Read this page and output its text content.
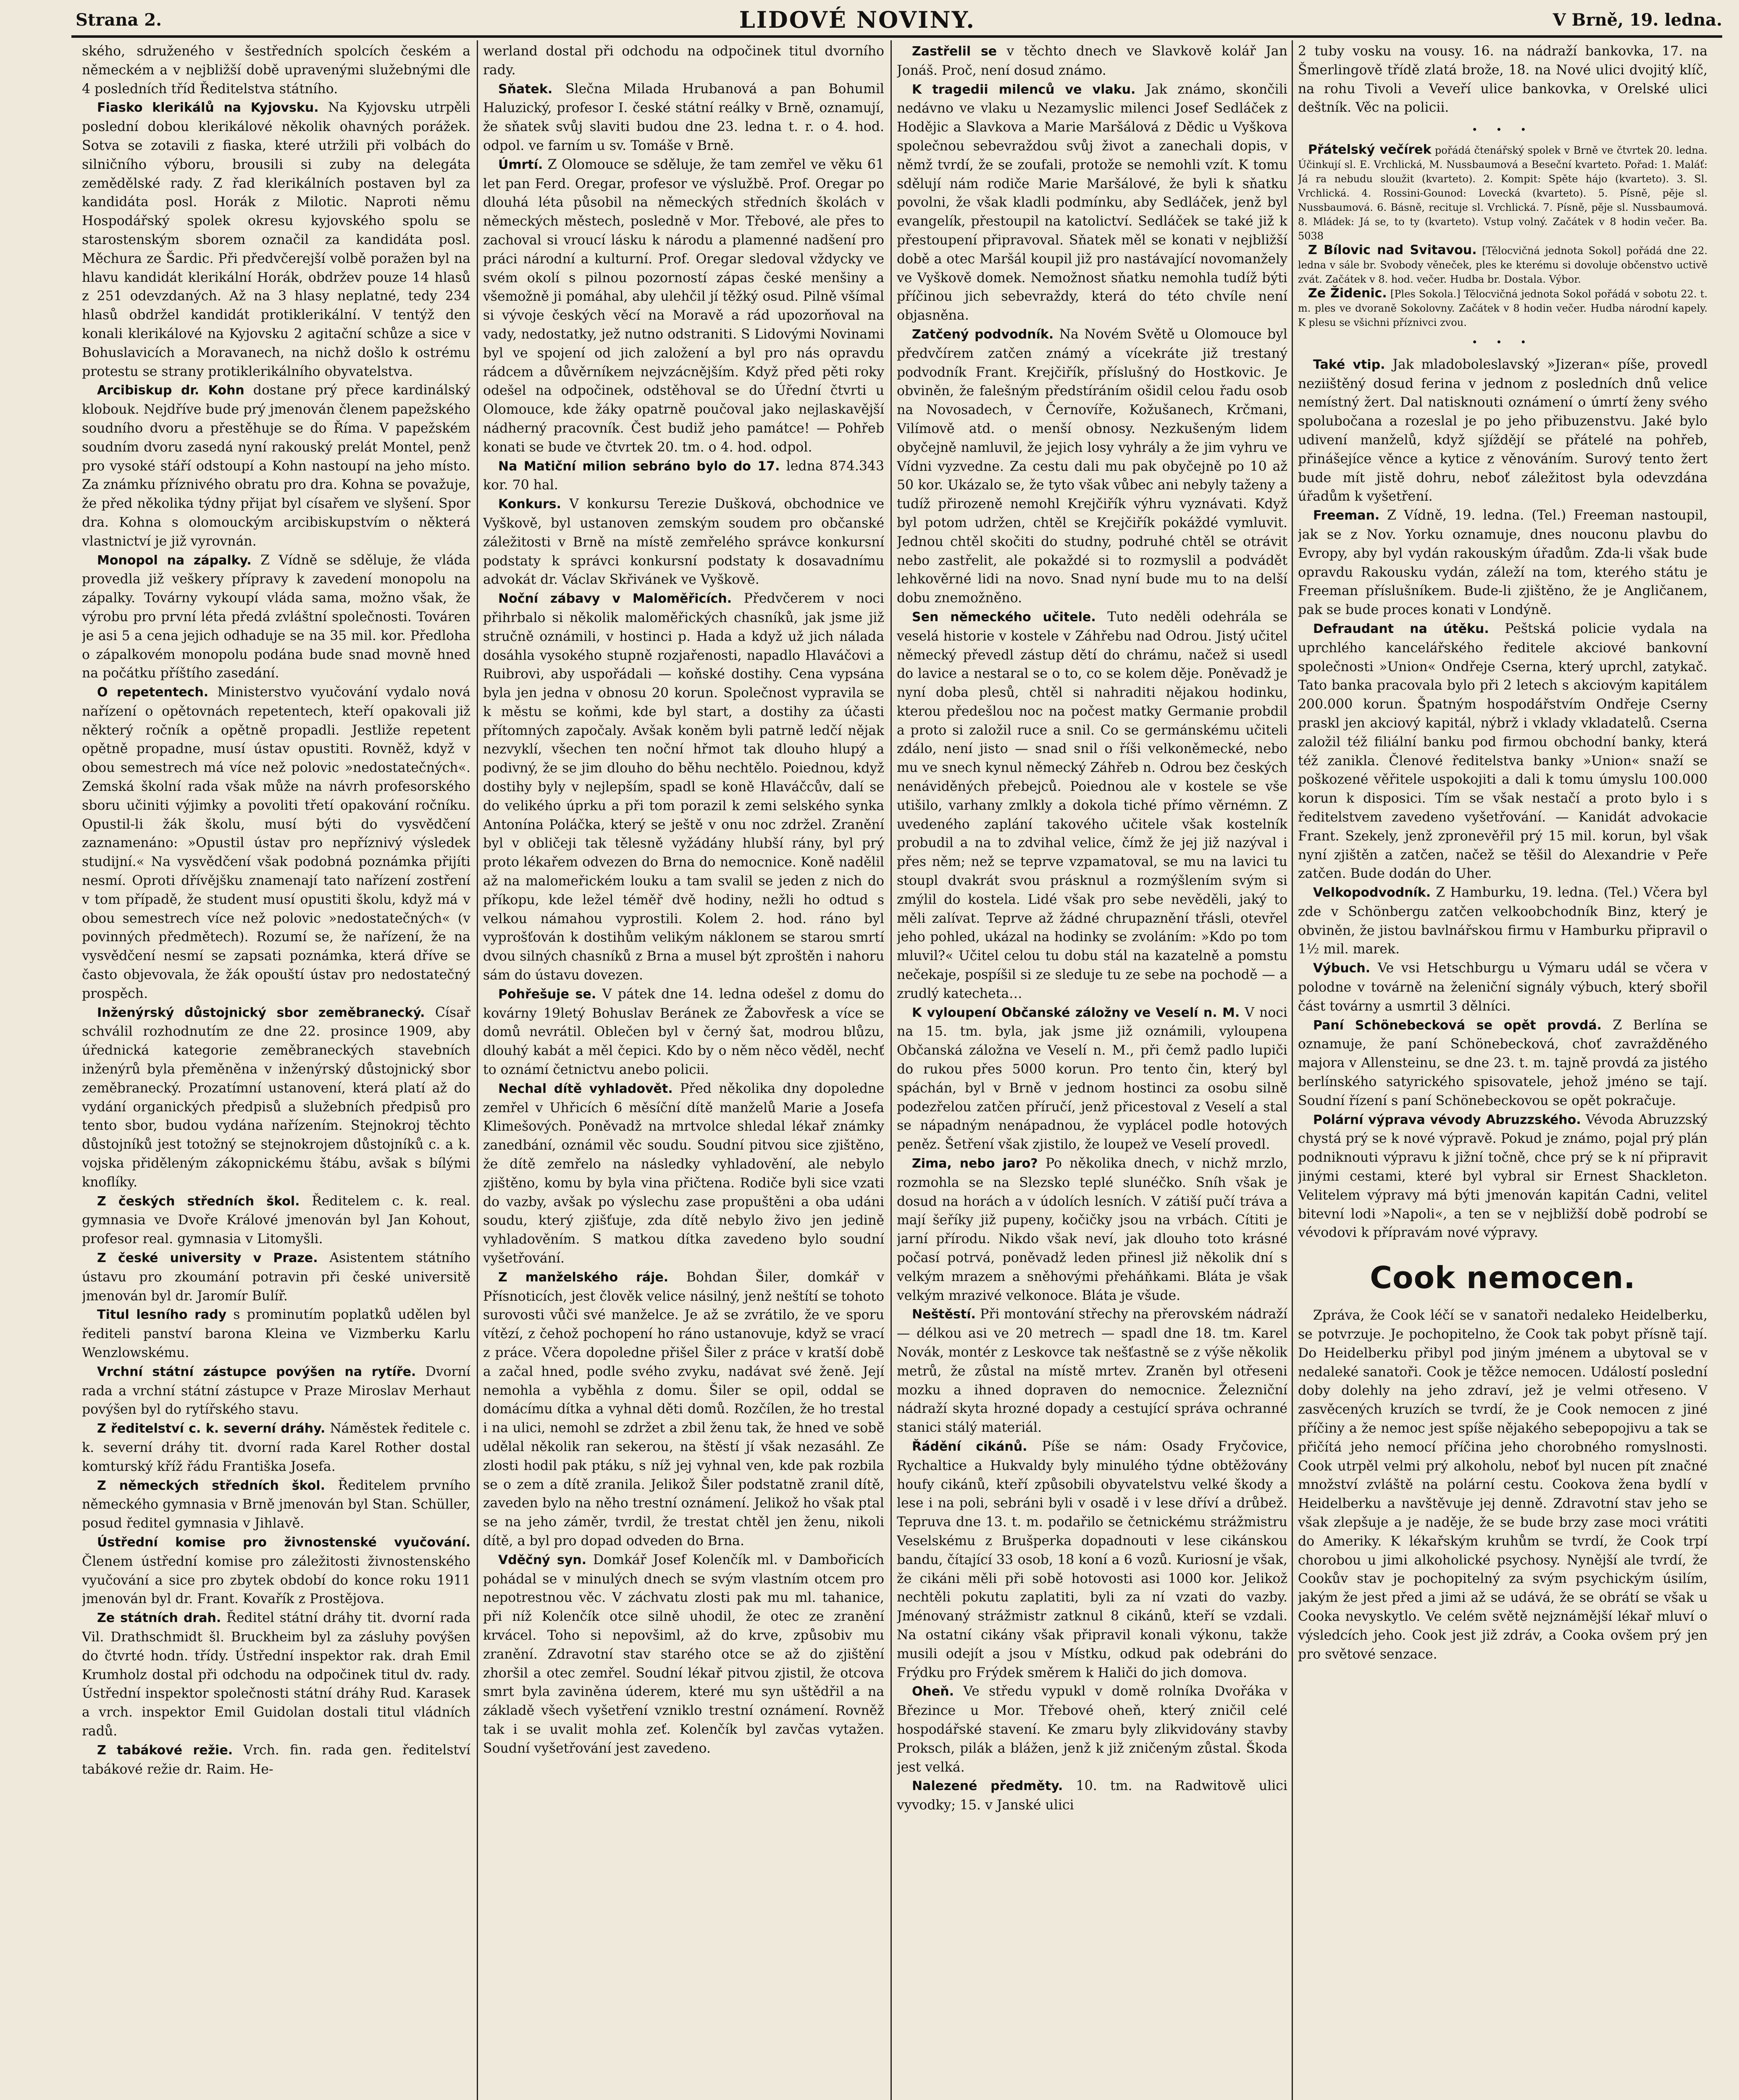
Strana 2.	LIDOVÉ NOVINY.	V Brně, 19. ledna.

ského, sdruženého v šestředních spolcích českém a německém a v nejbližší době upravenými služebnými dle 4 posledních tříd Ředitelstva státního.

Fiasko klerikálů na Kyjovsku. Na Kyjovsku utrpěli poslední dobou klerikálové několik ohavných porážek. Sotva se zotavili z fiaska, které utržili při volbách do silničního výboru, brousili si zuby na delegáta zemědělské rady. Z řad klerikálních postaven byl za kandidáta posl. Horák z Milotic. Naproti němu Hospodářský spolek okresu kyjovského spolu se starostenským sborem označil za kandidáta posl. Měchura ze Šardic. Při předvčerejší volbě poražen byl na hlavu kandidát klerikální Horák, obdržev pouze 14 hlasů z 251 odevzdaných. Až na 3 hlasy neplatné, tedy 234 hlasů obdržel kandidát protiklerikální. V tentýž den konali klerikálové na Kyjovsku 2 agitační schůze a sice v Bohuslavicích a Moravanech, na nichž došlo k ostrému protestu se strany protiklerikálního obyvatelstva.

Arcibiskup dr. Kohn dostane prý přece kardinálský klobouk. Nejdříve bude prý jmenován členem papežského soudního dvoru a přestěhuje se do Říma. V papežském soudním dvoru zasedá nyní rakouský prelát Montel, penž pro vysoké stáří odstoupí a Kohn nastoupí na jeho místo. Za známku příznivého obratu pro dra. Kohna se považuje, že před několika týdny přijat byl císařem ve slyšení. Spor dra. Kohna s olomouckým arcibiskupstvím o některá vlastnictví je již vyrovnán.

Monopol na zápalky. Z Vídně se sděluje, že vláda provedla již veškery přípravy k zavedení monopolu na zápalky. Továrny vykoupí vláda sama, možno však, že výrobu pro první léta předá zvláštní společnosti. Továren je asi 5 a cena jejich odhaduje se na 35 mil. kor. Předloha o zápalkovém monopolu podána bude snad movně hned na počátku příštího zasedání.

O repetentech. Ministerstvo vyučování vydalo nová nařízení o opětovnách repetentech, kteří opakovali již některý ročník a opětně propadli. Jestliže repetent opětně propadne, musí ústav opustiti. Rovněž, když v obou semestrech má více než polovic »nedostatečných«. Zemská školní rada však může na návrh profesorského sboru učiniti výjimky a povoliti třetí opakování ročníku. Opustil-li žák školu, musí býti do vysvědčení zaznamenáno: »Opustil ústav pro nepříznivý výsledek studijní.« Na vysvědčení však podobná poznámka přijíti nesmí. Oproti dřívějšku znamenají tato nařízení zostření v tom případě, že student musí opustiti školu, když má v obou semestrech více než polovic »nedostatečných« (v povinných předmětech). Rozumí se, že nařízení, že na vysvědčení nesmí se zapsati poznámka, která dříve se často objevovala, že žák opouští ústav pro nedostatečný prospěch.

Inženýrský důstojnický sbor zeměbranecký. Císař schválil rozhodnutím ze dne 22. prosince 1909, aby úřednická kategorie zeměbraneckých stavebních inženýrů byla přeměněna v inženýrský důstojnický sbor zeměbranecký. Prozatímní ustanovení, která platí až do vydání organických předpisů a služebních předpisů pro tento sbor, budou vydána nařízením. Stejnokroj těchto důstojníků jest totožný se stejnokrojem důstojníků c. a k. vojska přiděleným zákopnickému štábu, avšak s bílými knoflíky.

Z českých středních škol. Ředitelem c. k. real. gymnasia ve Dvoře Králové jmenován byl Jan Kohout, profesor real. gymnasia v Litomyšli.

Z české university v Praze. Asistentem státního ústavu pro zkoumání potravin při české universitě jmenován byl dr. Jaromír Bulíř.

Titul lesního rady s prominutím poplatků udělen byl řediteli panství barona Kleina ve Vizmberku Karlu Wenzlowskému.

Vrchní státní zástupce povýšen na rytíře. Dvorní rada a vrchní státní zástupce v Praze Miroslav Merhaut povýšen byl do rytířského stavu.

Z ředitelství c. k. severní dráhy. Náměstek ředitele c. k. severní dráhy tit. dvorní rada Karel Rother dostal komturský kříž řádu Františka Josefa.

Z německých středních škol. Ředitelem prvního německého gymnasia v Brně jmenován byl Stan. Schüller, posud ředitel gymnasia v Jihlavě.

Ústřední komise pro živnostenské vyučování. Členem ústřední komise pro záležitosti živnostenského vyučování a sice pro zbytek období do konce roku 1911 jmenován byl dr. Frant. Kovařík z Prostějova.

Ze státních drah. Ředitel státní dráhy tit. dvorní rada Vil. Drathschmidt šl. Bruckheim byl za zásluhy povýšen do čtvrté hodn. třídy. Ústřední inspektor rak. drah Emil Krumholz dostal při odchodu na odpočinek titul dv. rady. Ústřední inspektor společnosti státní dráhy Rud. Karasek a vrch. inspektor Emil Guidolan dostali titul vládních radů.

Z tabákové režie. Vrch. fin. rada gen. ředitelství tabákové režie dr. Raim. He-

werland dostal při odchodu na odpočinek titul dvorního rady.

Sňatek. Slečna Milada Hrubanová a pan Bohumil Haluzický, profesor I. české státní reálky v Brně, oznamují, že sňatek svůj slaviti budou dne 23. ledna t. r. o 4. hod. odpol. ve farním u sv. Tomáše v Brně.

Úmrtí. Z Olomouce se sděluje, že tam zemřel ve věku 61 let pan Ferd. Oregar, profesor ve výslužbě. Prof. Oregar po dlouhá léta působil na německých středních školách v německých městech, posledně v Mor. Třebové, ale přes to zachoval si vroucí lásku k národu a plamenné nadšení pro práci národní a kulturní. Prof. Oregar sledoval vždycky ve svém okolí s pilnou pozorností zápas české menšiny a všemožně ji pomáhal, aby ulehčil jí těžký osud. Pilně všímal si vývoje českých věcí na Moravě a rád upozorňoval na vady, nedostatky, jež nutno odstraniti. S Lidovými Novinami byl ve spojení od jich založení a byl pro nás opravdu rádcem a důvěrníkem nejvzácnějším. Když před pěti roky odešel na odpočinek, odstěhoval se do Úřední čtvrti u Olomouce, kde žáky opatrně poučoval jako nejlaskavější nádherný pracovník. Čest budiž jeho památce! — Pohřeb konati se bude ve čtvrtek 20. tm. o 4. hod. odpol.

Na Matiční milion sebráno bylo do 17. ledna 874.343 kor. 70 hal.

Konkurs. V konkursu Terezie Dušková, obchodnice ve Vyškově, byl ustanoven zemským soudem pro občanské záležitosti v Brně na místě zemřelého správce konkursní podstaty k správci konkursní podstaty k dosavadnímu advokát dr. Václav Skřivánek ve Vyškově.

Noční zábavy v Maloměřicích. Předvčerem v noci přihrbalo si několik maloměřických chasníků, jak jsme již stručně oznámili, v hostinci p. Hada a když už jich nálada dosáhla vysokého stupně rozjařenosti, napadlo Hlaváčovi a Ruibrovi, aby uspořádali — koňské dostihy. Cena vypsána byla jen jedna v obnosu 20 korun. Společnost vypravila se k městu se koňmi, kde byl start, a dostihy za účasti přítomných započaly. Avšak koněm byli patrně ledčí nějak nezvyklí, všechen ten noční hřmot tak dlouho hlupý a podivný, že se jim dlouho do běhu nechtělo. Poiednou, když dostihy byly v nejlepším, spadl se koně Hlaváčcův, dalí se do velikého úprku a při tom porazil k zemi selského synka Antonína Poláčka, který se ještě v onu noc zdržel. Zranění byl v obličeji tak tělesně vyžádány hlubší rány, byl prý proto lékařem odvezen do Brna do nemocnice. Koně nadělil až na malomeřickém louku a tam svalil se jeden z nich do příkopu, kde ležel téměř dvě hodiny, nežli ho odtud s velkou námahou vyprostili. Kolem 2. hod. ráno byl vyprošťován k dostihům velikým náklonem se starou smrtí dvou silných chasníků z Brna a musel být zproštěn i nahoru sám do ústavu dovezen.

Pohřešuje se. V pátek dne 14. ledna odešel z domu do kovárny 19letý Bohuslav Beránek ze Žabovřesk a více se domů nevrátil. Oblečen byl v černý šat, modrou blůzu, dlouhý kabát a měl čepici. Kdo by o něm něco věděl, nechť to oznámí četnictvu anebo policii.

Nechal dítě vyhladovět. Před několika dny dopoledne zemřel v Uhřicích 6 měsíční dítě manželů Marie a Josefa Klimešových. Poněvadž na mrtvolce shledal lékař známky zanedbání, oznámil věc soudu. Soudní pitvou sice zjištěno, že dítě zemřelo na následky vyhladovění, ale nebylo zjištěno, komu by byla vina přičtena. Rodiče byli sice vzati do vazby, avšak po výslechu zase propuštěni a oba udáni soudu, který zjišťuje, zda dítě nebylo živo jen jedině vyhladověním. S matkou dítka zavedeno bylo soudní vyšetřování.

Z manželského ráje. Bohdan Šiler, domkář v Přísnoticích, jest člověk velice násilný, jenž neštítí se tohoto surovosti vůči své manželce. Je až se zvrátilo, že ve sporu vítězí, z čehož pochopení ho ráno ustanovuje, když se vrací z práce. Včera dopoledne přišel Šiler z práce v kratší době a začal hned, podle svého zvyku, nadávat své ženě. Její nemohla a vyběhla z domu. Šiler se opil, oddal se domácímu dítka a vyhnal děti domů. Rozčílen, že ho trestal i na ulici, nemohl se zdržet a zbil ženu tak, že hned ve sobě udělal několik ran sekerou, na štěstí jí však nezasáhl. Ze zlosti hodil pak ptáku, s níž jej vyhnal ven, kde pak rozbila se o zem a dítě zranila. Jelikož Šiler podstatně zranil dítě, zaveden bylo na něho trestní oznámení. Jelikož ho však ptal se na jeho záměr, tvrdil, že trestat chtěl jen ženu, nikoli dítě, a byl pro dopad odveden do Brna.

Vděčný syn. Domkář Josef Kolenčík ml. v Dambořicích pohádal se v minulých dnech se svým vlastním otcem pro nepotrestnou věc. V záchvatu zlosti pak mu ml. tahanice, při níž Kolenčík otce silně uhodil, že otec ze zranění krvácel. Toho si nepovšiml, až do krve, způsobiv mu zranění. Zdravotní stav starého otce se až do zjištění zhoršil a otec zemřel. Soudní lékař pitvou zjistil, že otcova smrt byla zaviněna úderem, které mu syn uštědřil a na základě všech vyšetření vzniklo trestní oznámení. Rovněž tak i se uvalit mohla zeť. Kolenčík byl zavčas vytažen. Soudní vyšetřování jest zavedeno.

Zastřelil se v těchto dnech ve Slavkově kolář Jan Jonáš. Proč, není dosud známo.

K tragedii milenců ve vlaku. Jak známo, skončili nedávno ve vlaku u Nezamyslic milenci Josef Sedláček z Hodějic a Slavkova a Marie Maršálová z Dědic u Vyškova společnou sebevraždou svůj život a zanechali dopis, v němž tvrdí, že se zoufali, protože se nemohli vzít. K tomu sdělují nám rodiče Marie Maršálové, že byli k sňatku povolni, že však kladli podmínku, aby Sedláček, jenž byl evangelík, přestoupil na katolictví. Sedláček se také již k přestoupení připravoval. Sňatek měl se konati v nejbližší době a otec Maršál koupil již pro nastávající novomanžely ve Vyškově domek. Nemožnost sňatku nemohla tudíž býti příčinou jich sebevraždy, která do této chvíle není objasněna.

Zatčený podvodník. Na Novém Světě u Olomouce byl předvčírem zatčen známý a vícekráte již trestaný podvodník Frant. Krejčiřík, příslušný do Hostkovic. Je obviněn, že falešným předstíráním ošidil celou řadu osob na Novosadech, v Černovíře, Kožušanech, Krčmani, Vilímově atd. o menší obnosy. Nezkušeným lidem obyčejně namluvil, že jejich losy vyhrály a že jim vyhru ve Vídni vyzvedne. Za cestu dali mu pak obyčejně po 10 až 50 kor. Ukázalo se, že tyto však vůbec ani nebyly taženy a tudíž přirozeně nemohl Krejčiřík výhru vyznávati. Když byl potom udržen, chtěl se Krejčiřík pokáždé vymluvit. Jednou chtěl skočiti do studny, podruhé chtěl se otrávit nebo zastřelit, ale pokaždé si to rozmyslil a podvádět lehkověrné lidi na novo. Snad nyní bude mu to na delší dobu znemožněno.

Sen německého učitele. Tuto neděli odehrála se veselá historie v kostele v Záhřebu nad Odrou. Jistý učitel německý převedl zástup dětí do chrámu, načež si usedl do lavice a nestaral se o to, co se kolem děje. Poněvadž je nyní doba plesů, chtěl si nahraditi nějakou hodinku, kterou předešlou noc na počest matky Germanie probdil a proto si založil ruce a snil. Co se germánskému učiteli zdálo, není jisto — snad snil o říši velkoněmecké, nebo mu ve snech kynul německý Záhřeb n. Odrou bez českých nenáviděných přebejců. Poiednou ale v kostele se vše utišilo, varhany zmlkly a dokola tiché přímo věrnémn. Z uvedeného zaplání takového učitele však kostelník probudil a na to zdvihal velice, čímž že jej již nazýval i přes něm; než se teprve vzpamatoval, se mu na lavici tu stoupl dvakrát svou prásknul a rozmýšlením svým si zmýlil do kostela. Lidé však pro sebe nevěděli, jaký to měli zalívat. Teprve až žádné chrupaznění třásli, otevřel jeho pohled, ukázal na hodinky se zvoláním: »Kdo po tom mluvil?« Učitel celou tu dobu stál na kazatelně a pomstu nečekaje, pospíšil si ze sleduje tu ze sebe na pochodě — a zrudlý katecheta…

K vyloupení Občanské záložny ve Veselí n. M. V noci na 15. tm. byla, jak jsme již oznámili, vyloupena Občanská záložna ve Veselí n. M., při čemž padlo lupiči do rukou přes 5000 korun. Pro tento čin, který byl spáchán, byl v Brně v jednom hostinci za osobu silně podezřelou zatčen příručí, jenž přicestoval z Veselí a stal se nápadným nenápadnou, že vyplácel podle hotových peněz. Šetření však zjistilo, že loupež ve Veselí provedl.

Zima, nebo jaro? Po několika dnech, v nichž mrzlo, rozmohla se na Slezsko teplé slunéčko. Sníh však je dosud na horách a v údolích lesních. V zátiší pučí tráva a mají šeříky již pupeny, kočičky jsou na vrbách. Cítiti je jarní přírodu. Nikdo však neví, jak dlouho toto krásné počasí potrvá, poněvadž leden přinesl již několik dní s velkým mrazem a sněhovými přeháňkami. Bláta je však velkým mrazivé velkonoce. Bláta je všude.

Neštěstí. Při montování střechy na přerovském nádraží — délkou asi ve 20 metrech — spadl dne 18. tm. Karel Novák, montér z Leskovce tak nešťastně se z výše několik metrů, že zůstal na místě mrtev. Zraněn byl otřeseni mozku a ihned dopraven do nemocnice. Železniční nádraží skyta hrozné dopady a cestující správa ochranné stanici stálý materiál.

Řádění cikánů. Píše se nám: Osady Fryčovice, Rychaltice a Hukvaldy byly minulého týdne obtěžovány houfy cikánů, kteří způsobili obyvatelstvu velké škody a lese i na poli, sebráni byli v osadě i v lese dříví a drůbež. Tepruva dne 13. t. m. podařilo se četnickému strážmistru Veselskému z Brušperka dopadnouti v lese cikánskou bandu, čítající 33 osob, 18 koní a 6 vozů. Kuriosní je však, že cikáni měli při sobě hotovosti asi 1000 kor. Jelikož nechtěli pokutu zaplatiti, byli za ní vzati do vazby. Jménovaný strážmistr zatknul 8 cikánů, kteří se vzdali. Na ostatní cikány však připravil konali výkonu, takže musili odejít a jsou v Místku, odkud pak odebráni do Frýdku pro Frýdek směrem k Haliči do jich domova.

Oheň. Ve středu vypukl v domě rolníka Dvořáka v Březince u Mor. Třebové oheň, který zničil celé hospodářské stavení. Ke zmaru byly zlikvidovány stavby Proksch, pilák a blážen, jenž k již zničeným zůstal. Škoda jest velká.

Nalezené předměty. 10. tm. na Radwitově ulici vyvodky; 15. v Janské ulici

2 tuby vosku na vousy. 16. na nádraží bankovka, 17. na Šmerlingově třídě zlatá brože, 18. na Nové ulici dvojitý klíč, na rohu Tivoli a Veveří ulice bankovka, v Orelské ulici deštník. Věc na policii.

• • •

Přátelský večírek pořádá čtenářský spolek v Brně ve čtvrtek 20. ledna. Účinkují sl. E. Vrchlická, M. Nussbaumová a Beseční kvarteto. Pořad: 1. Maláť: Já ra nebudu sloužit (kvarteto). 2. Kompit: Spěte hájo (kvarteto). 3. Sl. Vrchlická. 4. Rossini-Gounod: Lovecká (kvarteto). 5. Písně, pěje sl. Nussbaumová. 6. Básně, recituje sl. Vrchlická. 7. Písně, pěje sl. Nussbaumová. 8. Mládek: Já se, to ty (kvarteto). Vstup volný. Začátek v 8 hodin večer. Ba. 5038

Z Bílovic nad Svitavou. [Tělocvičná jednota Sokol] pořádá dne 22. ledna v sále br. Svobody věneček, ples ke kterému si dovoluje občenstvo uctivě zvát. Začátek v 8. hod. večer. Hudba br. Dostala. Výbor.

Ze Židenic. [Ples Sokola.] Tělocvičná jednota Sokol pořádá v sobotu 22. t. m. ples ve dvoraně Sokolovny. Začátek v 8 hodin večer. Hudba národní kapely. K plesu se všichni příznivci zvou.

• • •

Také vtip. Jak mladoboleslavský »Jizeran« píše, provedl neziištěný dosud ferina v jednom z posledních dnů velice nemístný žert. Dal natisknouti oznámení o úmrtí ženy svého spolubočana a rozeslal je po jeho přibuzenstvu. Jaké bylo udivení manželů, když sjíždějí se přátelé na pohřeb, přinášejíce věnce a kytice z věnováním. Surový tento žert bude mít jistě dohru, neboť záležitost byla odevzdána úřadům k vyšetření.

Freeman. Z Vídně, 19. ledna. (Tel.) Freeman nastoupil, jak se z Nov. Yorku oznamuje, dnes nouconu plavbu do Evropy, aby byl vydán rakouským úřadům. Zda-li však bude opravdu Rakousku vydán, záleží na tom, kterého státu je Freeman příslušníkem. Bude-li zjištěno, že je Angličanem, pak se bude proces konati v Londýně.

Defraudant na útěku. Peštská policie vydala na uprchlého kancelářského ředitele akciové bankovní společnosti »Union« Ondřeje Cserna, který uprchl, zatykač. Tato banka pracovala bylo při 2 letech s akciovým kapitálem 200.000 korun. Špatným hospodářstvím Ondřeje Cserny praskl jen akciový kapitál, nýbrž i vklady vkladatelů. Cserna založil též filiální banku pod firmou obchodní banky, která též zanikla. Členové ředitelstva banky »Union« snaží se poškozené věřitele uspokojiti a dali k tomu úmyslu 100.000 korun k disposici. Tím se však nestačí a proto bylo i s ředitelstvem zavedeno vyšetřování. — Kanidát advokacie Frant. Szekely, jenž zpronevěřil prý 15 mil. korun, byl však nyní zjištěn a zatčen, načež se těšil do Alexandrie v Peře zatčen. Bude dodán do Uher.

Velkopodvodník. Z Hamburku, 19. ledna. (Tel.) Včera byl zde v Schönbergu zatčen velkoobchodník Binz, který je obviněn, že jistou bavlnářskou firmu v Hamburku připravil o 1½ mil. marek.

Výbuch. Ve vsi Hetschburgu u Výmaru udál se včera v polodne v továrně na želeniční signály výbuch, který sbořil část továrny a usmrtil 3 dělníci.

Paní Schönebecková se opět provdá. Z Berlína se oznamuje, že paní Schönebecková, choť zavražděného majora v Allensteinu, se dne 23. t. m. tajně provdá za jistého berlínského satyrického spisovatele, jehož jméno se tají. Soudní řízení s paní Schönebeckovou se opět pokračuje.

Polární výprava vévody Abruzzského. Vévoda Abruzzský chystá prý se k nové výpravě. Pokud je známo, pojal prý plán podniknouti výpravu k jižní točně, chce prý se k ní připravit jinými cestami, které byl vybral sir Ernest Shackleton. Velitelem výpravy má býti jmenován kapitán Cadni, velitel bitevní lodi »Napoli«, a ten se v nejbližší době podrobí se vévodovi k přípravám nové výpravy.

Cook nemocen.

Zpráva, že Cook léčí se v sanatoři nedaleko Heidelberku, se potvrzuje. Je pochopitelno, že Cook tak pobyt přísně tají. Do Heidelberku přibyl pod jiným jménem a ubytoval se v nedaleké sanatoři. Cook je těžce nemocen. Událostí poslední doby dolehly na jeho zdraví, jež je velmi otřeseno. V zasvěcených kruzích se tvrdí, že je Cook nemocen z jiné příčiny a že nemoc jest spíše nějakého sebepopojivu a tak se přičítá jeho nemocí příčina jeho chorobného romyslnosti. Cook utrpěl velmi prý alkoholu, neboť byl nucen pít značné množství zvláště na polární cestu. Cookova žena bydlí v Heidelberku a navštěvuje jej denně. Zdravotní stav jeho se však zlepšuje a je naděje, že se bude brzy zase moci vrátiti do Ameriky. K lékařským kruhům se tvrdí, že Cook trpí chorobou u jimi alkoholické psychosy. Nynější ale tvrdí, že Cookův stav je pochopitelný za svým psychickým úsilím, jakým že jest před a jimi až se udává, že se obrátí se však u Cooka nevyskytlo. Ve celém světě nejznámější lékař mluví o výsledcích jeho. Cook jest již zdráv, a Cooka ovšem prý jen pro světové senzace.
